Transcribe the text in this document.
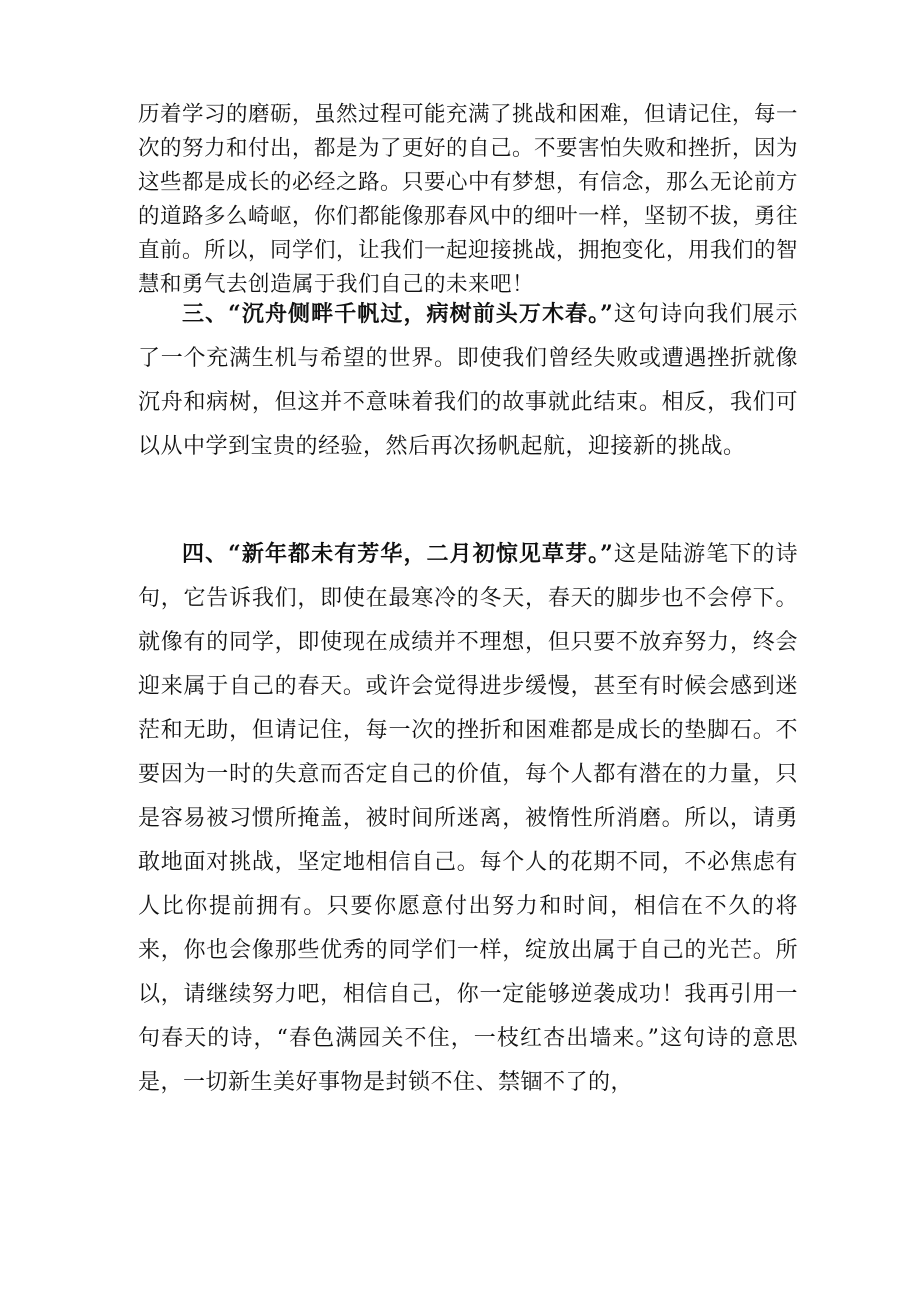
历着学习的磨砺，虽然过程可能充满了挑战和困难，但请记住，每一次的努力和付出，都是为了更好的自己。不要害怕失败和挫折，因为这些都是成长的必经之路。只要心中有梦想，有信念，那么无论前方的道路多么崎岖，你们都能像那春风中的细叶一样，坚韧不拔，勇往直前。所以，同学们，让我们一起迎接挑战，拥抱变化，用我们的智慧和勇气去创造属于我们自己的未来吧！

三、“沉舟侧畔千帆过，病树前头万木春。”这句诗向我们展示了一个充满生机与希望的世界。即使我们曾经失败或遭遇挫折就像沉舟和病树，但这并不意味着我们的故事就此结束。相反，我们可以从中学到宝贵的经验，然后再次扬帆起航，迎接新的挑战。

四、“新年都未有芳华，二月初惊见草芽。”这是陆游笔下的诗句，它告诉我们，即使在最寒冷的冬天，春天的脚步也不会停下。就像有的同学，即使现在成绩并不理想，但只要不放弃努力，终会迎来属于自己的春天。或许会觉得进步缓慢，甚至有时候会感到迷茫和无助，但请记住，每一次的挫折和困难都是成长的垫脚石。不要因为一时的失意而否定自己的价值，每个人都有潜在的力量，只是容易被习惯所掩盖，被时间所迷离，被惰性所消磨。所以，请勇敢地面对挑战，坚定地相信自己。每个人的花期不同，不必焦虑有人比你提前拥有。只要你愿意付出努力和时间，相信在不久的将来，你也会像那些优秀的同学们一样，绽放出属于自己的光芒。所以，请继续努力吧，相信自己，你一定能够逆袭成功！我再引用一句春天的诗，“春色满园关不住，一枝红杏出墙来。”这句诗的意思是，一切新生美好事物是封锁不住、禁锢不了的，
